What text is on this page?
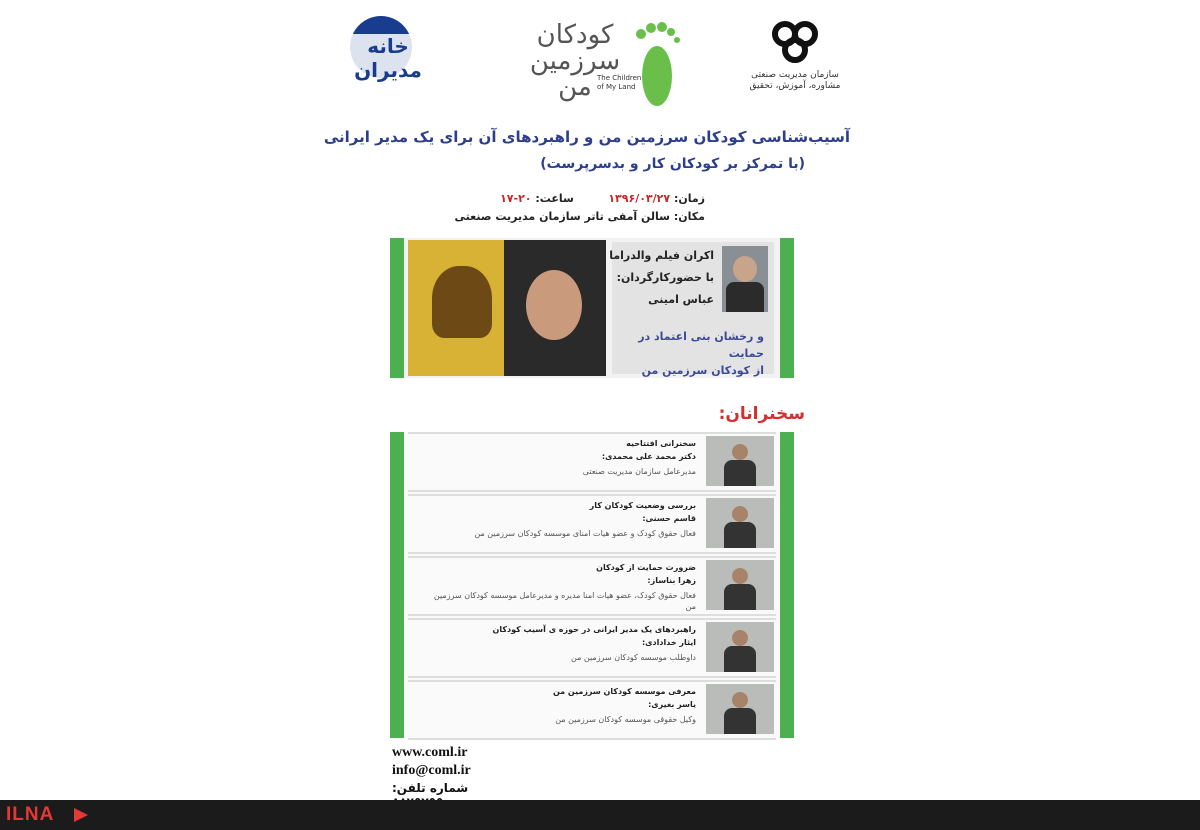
خانه مدیران
کودکان سرزمین من The Children
of My Land
سازمان مدیریت صنعتی
مشاوره، آموزش، تحقیق
آسیب‌شناسی کودکان سرزمین من و راهبردهای آن برای یک مدیر ایرانی
(با تمرکز بر کودکان کار و بدسرپرست)
زمان: ۱۳۹۶/۰۳/۲۷         ساعت: ۲۰-۱۷
مکان: سالن آمفی تاتر سازمان مدیریت صنعتی
اکران فیلم والدراما
با حضورکارگردان:
عباس امینی
و رخشان بنی اعتماد در حمایت
از کودکان سرزمین من
سخنرانان:
سخنرانی افتتاحیه
دکتر محمد علی محمدی:
مدیرعامل سازمان مدیریت صنعتی
بررسی وضعیت کودکان کار
قاسم حسنی:
فعال حقوق کودک و عضو هیات امنای موسسه کودکان سرزمین من
ضرورت حمایت از کودکان
زهرا بناساز:
فعال حقوق کودک، عضو هیات امنا مدیره و مدیرعامل موسسه کودکان سرزمین من
راهبردهای یک مدیر ایرانی در حوزه ی آسیب کودکان
ایثار خدادادی:
داوطلب موسسه کودکان سرزمین من
معرفی موسسه کودکان سرزمین من
یاسر بغیری:
وکیل حقوقی موسسه کودکان سرزمین من
www.coml.ir
info@coml.ir
شماره تلفن:
ILNA
